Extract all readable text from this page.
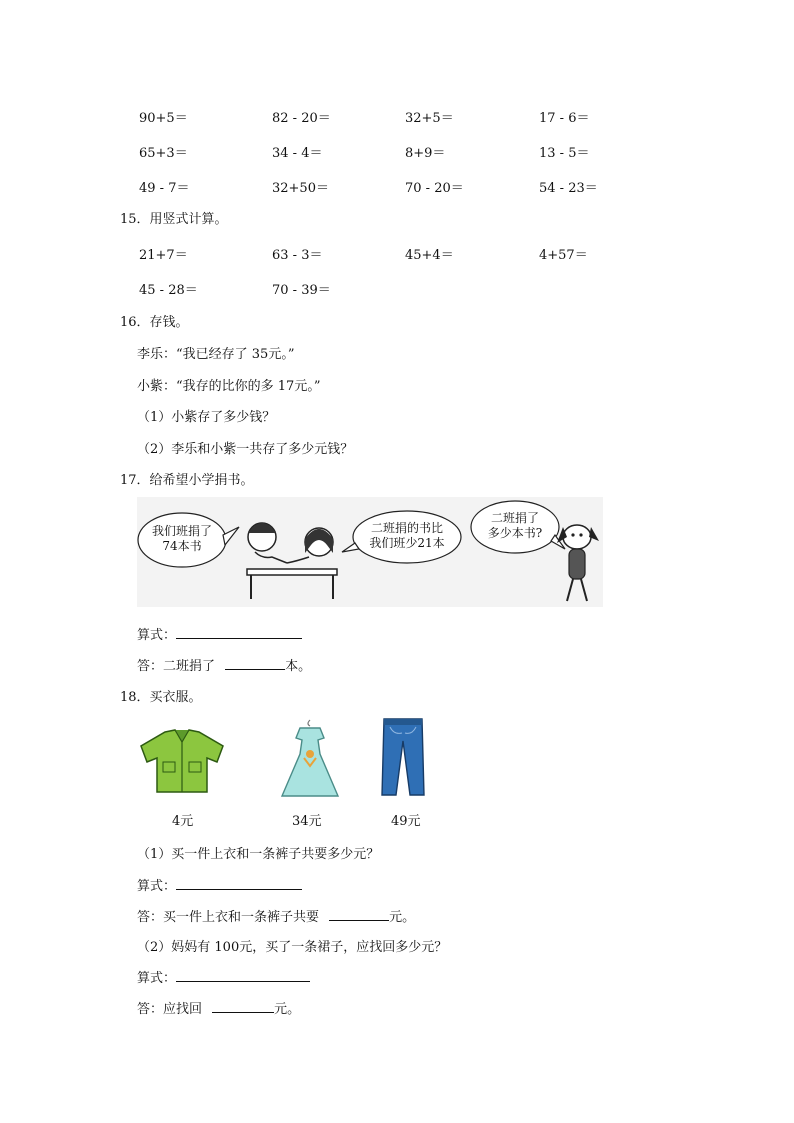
90+5＝	82 - 20＝	32+5＝	17 - 6＝
65+3＝	34 - 4＝	8+9＝	13 - 5＝
49 - 7＝	32+50＝	70 - 20＝	54 - 23＝
15．用竖式计算。
21+7＝	63 - 3＝	45+4＝	4+57＝
45 - 28＝	70 - 39＝
16．存钱。
李乐：“我已经存了 35元。”
小紫：“我存的比你的多 17元。”
（1）小紫存了多少钱？
（2）李乐和小紫一共存了多少元钱？
17．给希望小学捐书。
我们班捐了
74本书
二班捐的书比
我们班少21本
二班捐了
多少本书?
算式：
答：二班捐了	本。
18．买衣服。
4元	34元	49元
（1）买一件上衣和一条裤子共要多少元？
算式：
答：买一件上衣和一条裤子共要	元。
（2）妈妈有 100元，买了一条裙子，应找回多少元？
算式：
答：应找回	元。
